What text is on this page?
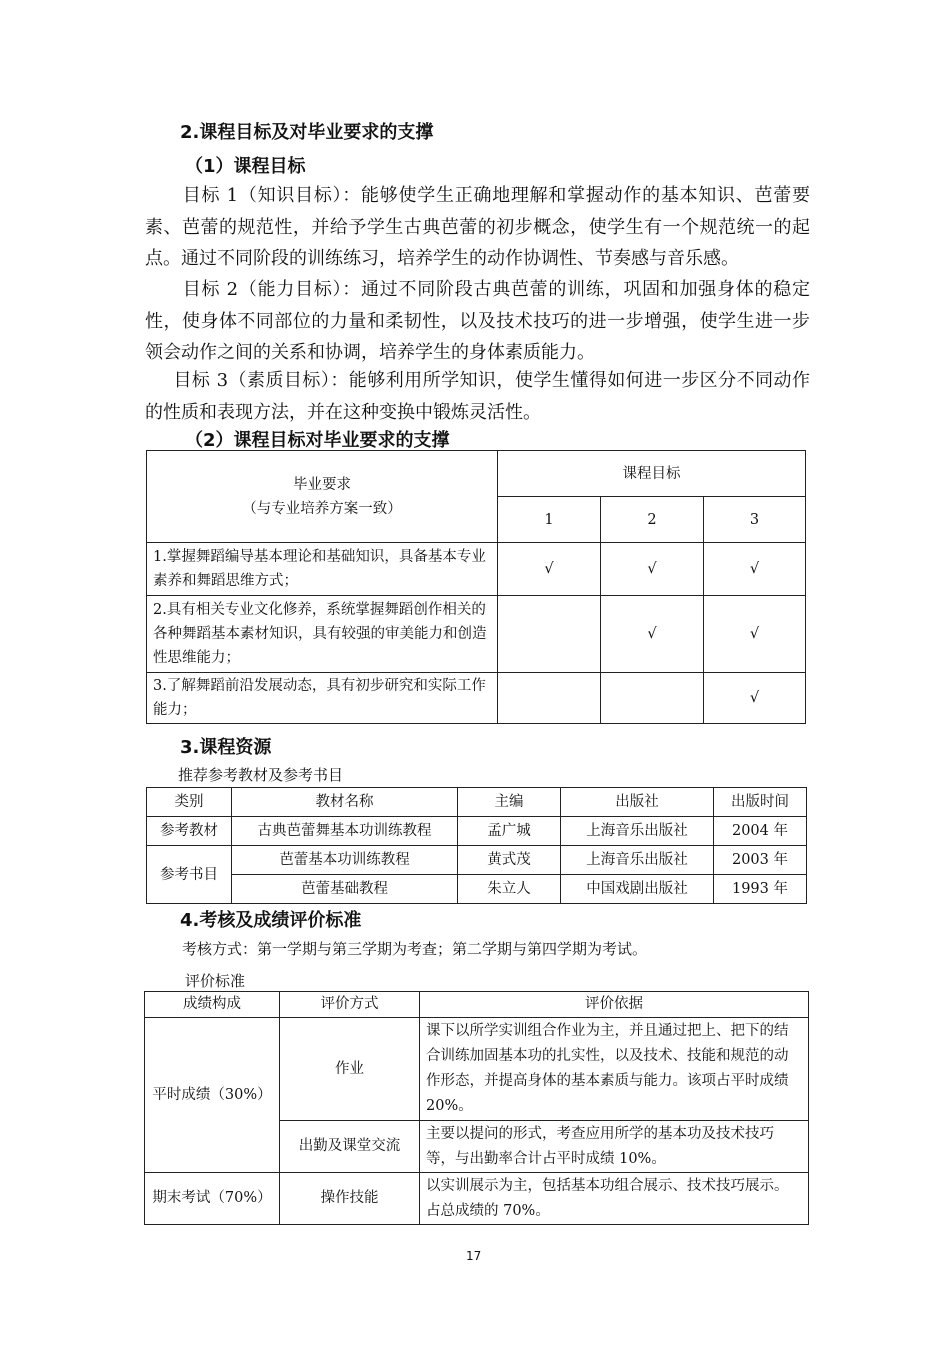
2.课程目标及对毕业要求的支撑
（1）课程目标
目标 1（知识目标）：能够使学生正确地理解和掌握动作的基本知识、芭蕾要素、芭蕾的规范性，并给予学生古典芭蕾的初步概念，使学生有一个规范统一的起点。通过不同阶段的训练练习，培养学生的动作协调性、节奏感与音乐感。
目标 2（能力目标）：通过不同阶段古典芭蕾的训练，巩固和加强身体的稳定性，使身体不同部位的力量和柔韧性，以及技术技巧的进一步增强，使学生进一步领会动作之间的关系和协调，培养学生的身体素质能力。
目标 3（素质目标）：能够利用所学知识，使学生懂得如何进一步区分不同动作的性质和表现方法，并在这种变换中锻炼灵活性。
（2）课程目标对毕业要求的支撑
毕业要求
（与专业培养方案一致）	课程目标		
	1	2	3
1.掌握舞蹈编导基本理论和基础知识，具备基本专业素养和舞蹈思维方式；	√	√	√
2.具有相关专业文化修养，系统掌握舞蹈创作相关的各种舞蹈基本素材知识，具有较强的审美能力和创造性思维能力；		√	√
3.了解舞蹈前沿发展动态，具有初步研究和实际工作能力；			√
3.课程资源
推荐参考教材及参考书目
类别	教材名称	主编	出版社	出版时间
参考教材	古典芭蕾舞基本功训练教程	孟广城	上海音乐出版社	2004 年
参考书目	芭蕾基本功训练教程	黄式茂	上海音乐出版社	2003 年
	芭蕾基础教程	朱立人	中国戏剧出版社	1993 年
4.考核及成绩评价标准
考核方式：第一学期与第三学期为考查；第二学期与第四学期为考试。
评价标准
成绩构成	评价方式	评价依据
平时成绩（30%）	作业	课下以所学实训组合作业为主，并且通过把上、把下的结合训练加固基本功的扎实性，以及技术、技能和规范的动作形态，并提高身体的基本素质与能力。该项占平时成绩 20%。
	出勤及课堂交流	主要以提问的形式，考查应用所学的基本功及技术技巧等，与出勤率合计占平时成绩 10%。
期末考试（70%）	操作技能	以实训展示为主，包括基本功组合展示、技术技巧展示。占总成绩的 70%。
17
